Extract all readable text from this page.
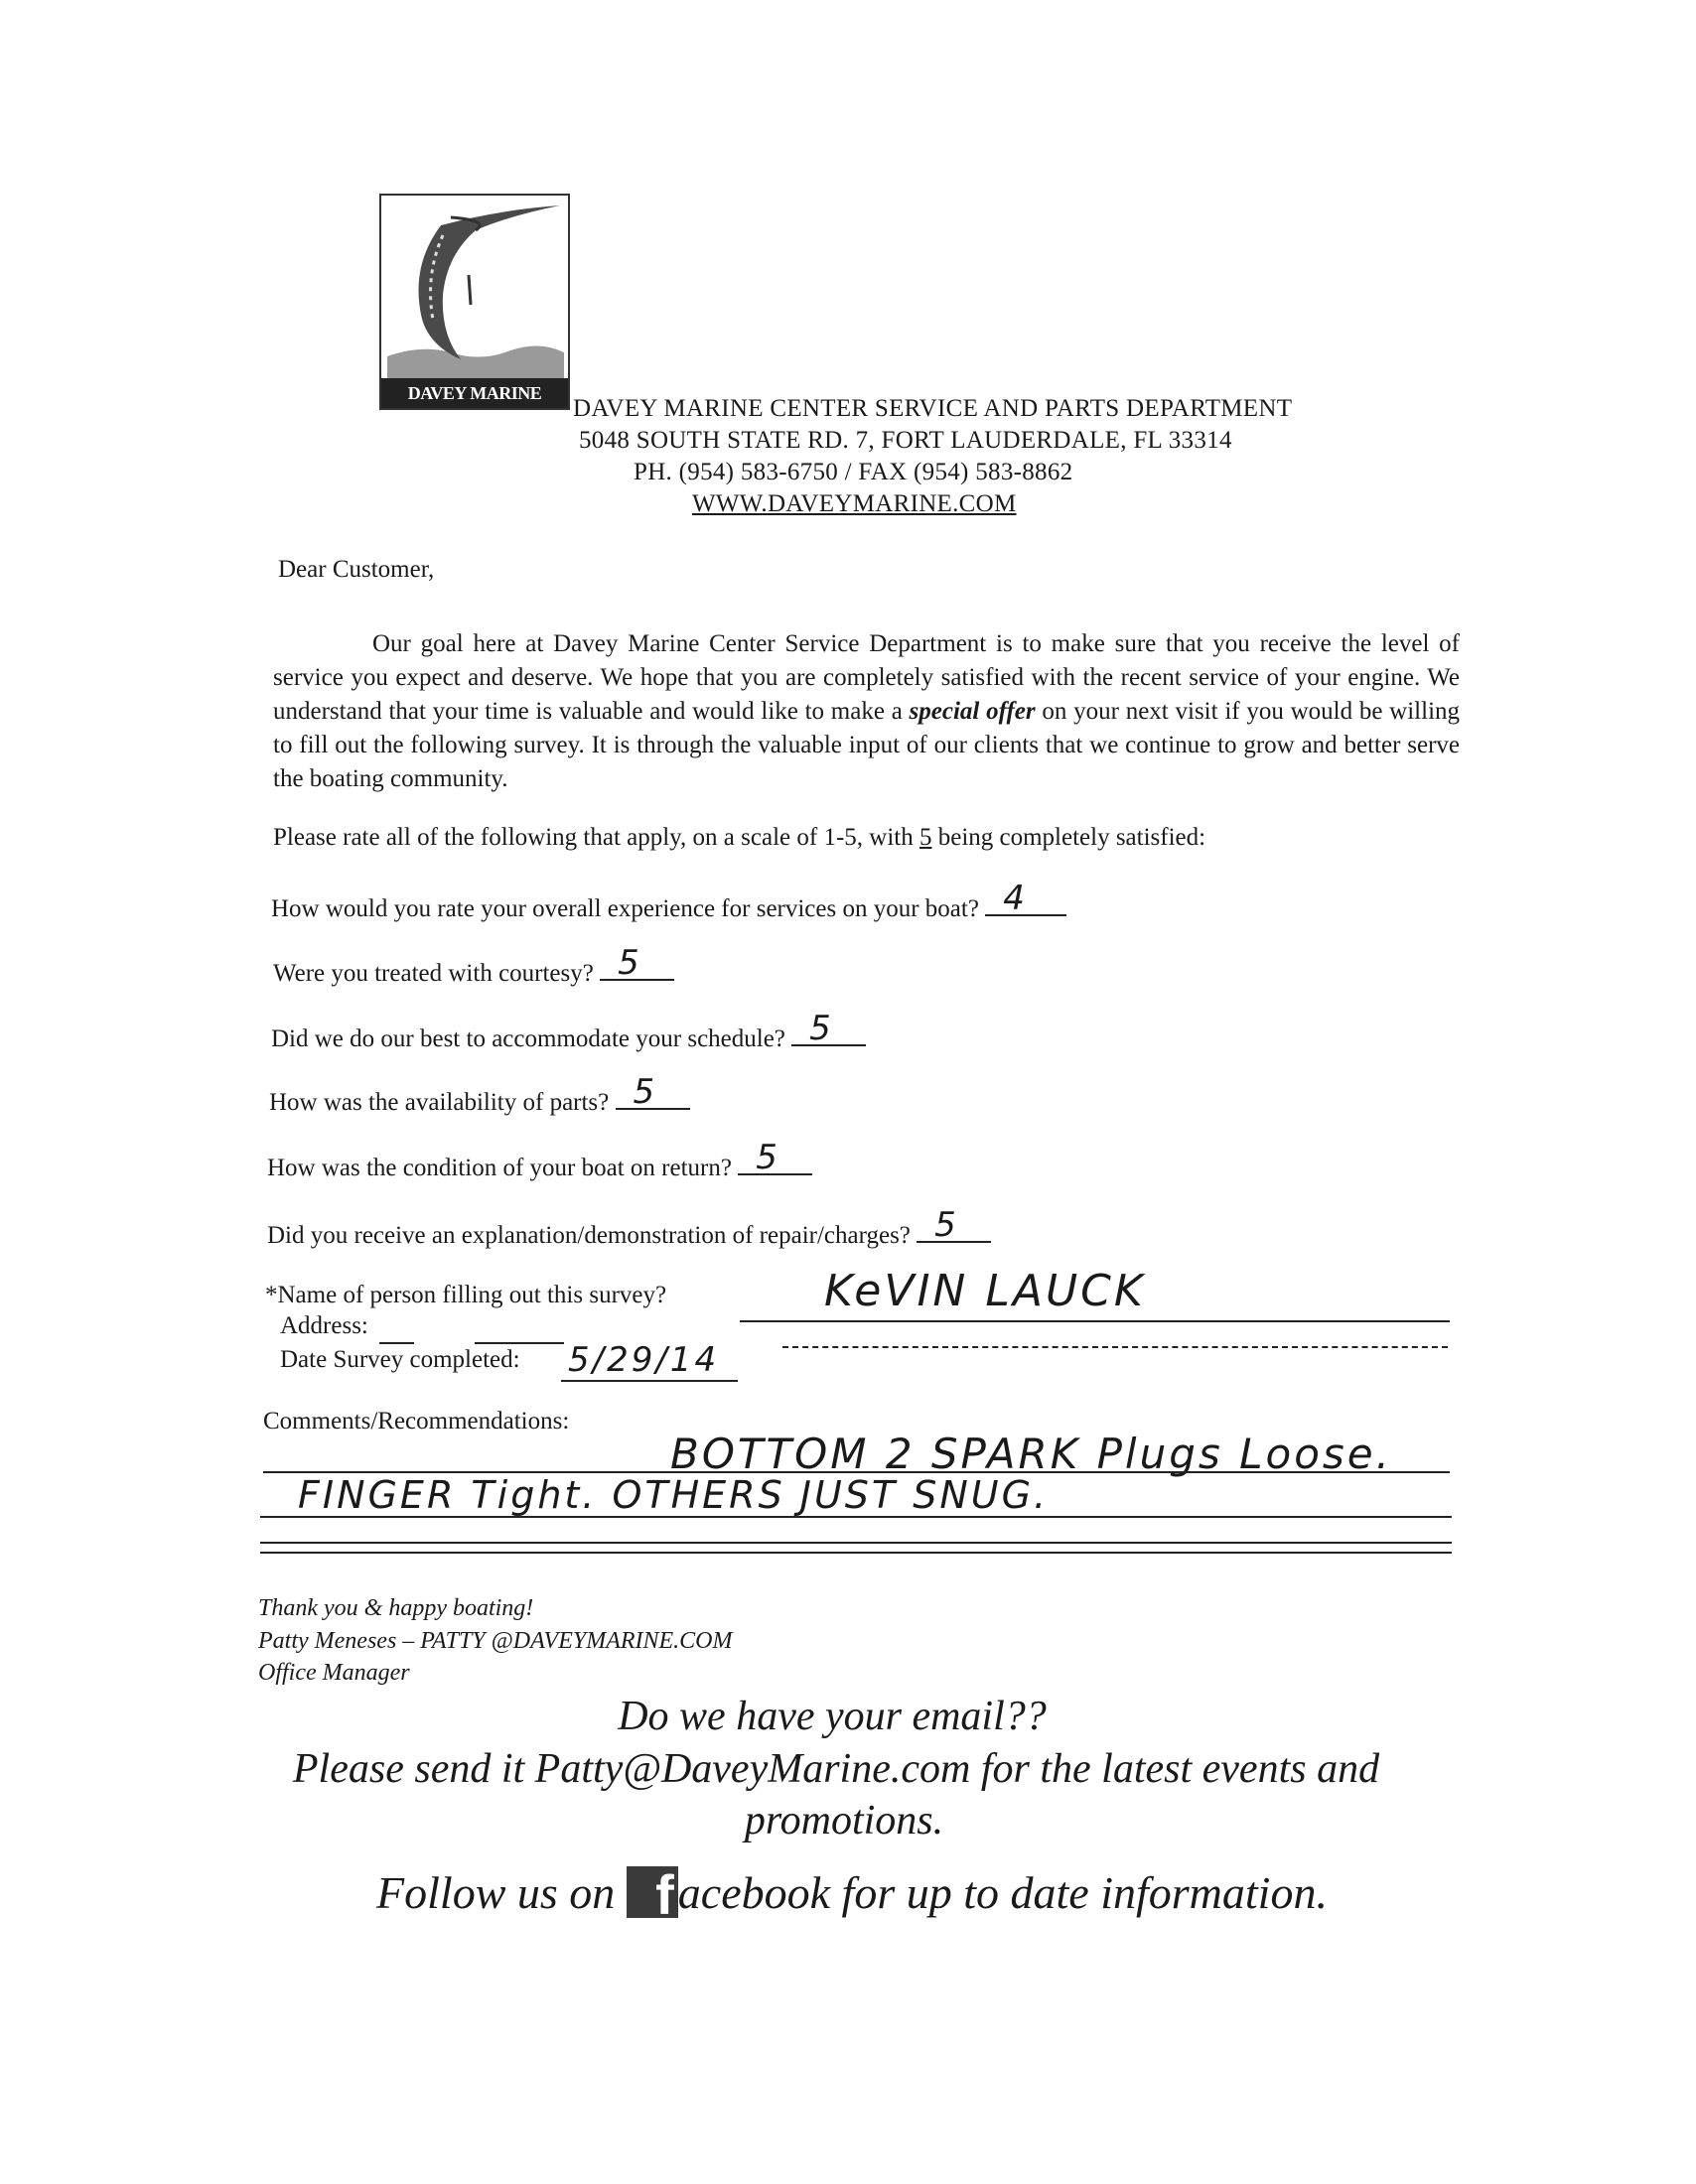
DAVEY MARINE CENTER
DAVEY MARINE CENTER SERVICE AND PARTS DEPARTMENT
5048 SOUTH STATE RD. 7, FORT LAUDERDALE, FL 33314
PH. (954) 583-6750 / FAX (954) 583-8862
WWW.DAVEYMARINE.COM
Dear Customer,
Our goal here at Davey Marine Center Service Department is to make sure that you receive the level of service you expect and deserve. We hope that you are completely satisfied with the recent service of your engine. We understand that your time is valuable and would like to make a special offer on your next visit if you would be willing to fill out the following survey. It is through the valuable input of our clients that we continue to grow and better serve the boating community.
Please rate all of the following that apply, on a scale of 1-5, with 5 being completely satisfied:
How would you rate your overall experience for services on your boat? 4
Were you treated with courtesy? 5
Did we do our best to accommodate your schedule? 5
How was the availability of parts? 5
How was the condition of your boat on return? 5
Did you receive an explanation/demonstration of repair/charges? 5
*Name of person filling out this survey?	KeVIN LAUCK
Address:
Date Survey completed: 5/29/14
Comments/Recommendations:
BOTTOM 2 SPARK Plugs Loose.
FINGER Tight. OTHERS JUST SNUG.
Thank you & happy boating!
Patty Meneses – PATTY @DAVEYMARINE.COM
Office Manager
Do we have your email??
Please send it Patty@DaveyMarine.com for the latest events and
promotions.
Follow us on facebook for up to date information.
